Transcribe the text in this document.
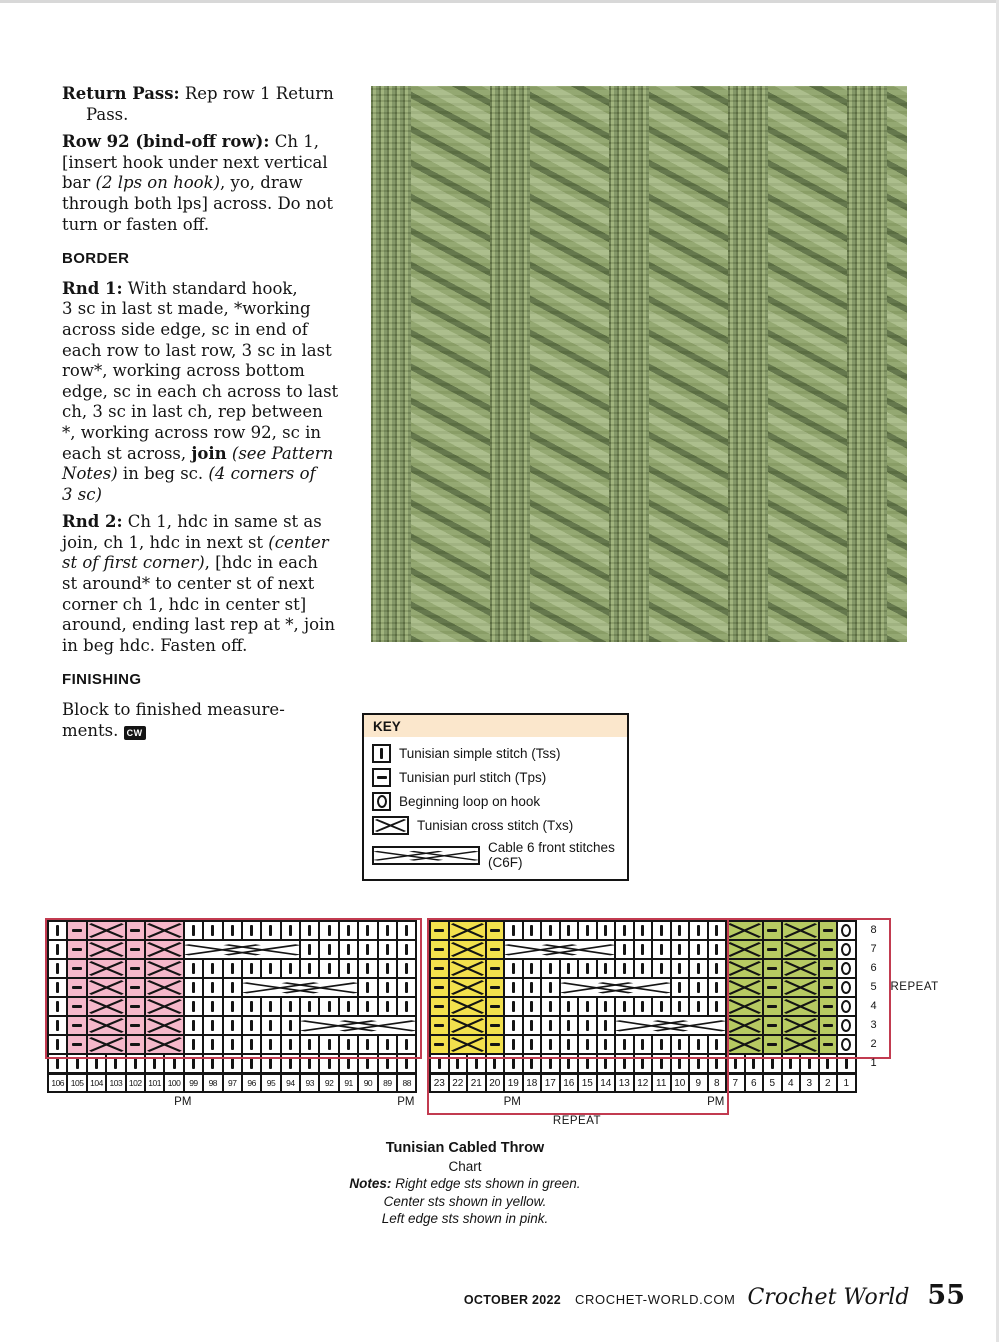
Return Pass: Rep row 1 Return
Pass.
Row 92 (bind-off row): Ch 1,
[insert hook under next vertical
bar (2 lps on hook), yo, draw
through both lps] across. Do not
turn or fasten off.
BORDER
Rnd 1: With standard hook,
3 sc in last st made, *working
across side edge, sc in end of
each row to last row, 3 sc in last
row*, working across bottom
edge, sc in each ch across to last
ch, 3 sc in last ch, rep between
*, working across row 92, sc in
each st across, join (see Pattern
Notes) in beg sc. (4 corners of
3 sc)
Rnd 2: Ch 1, hdc in same st as
join, ch 1, hdc in next st (center
st of first corner), [hdc in each
st around* to center st of next
corner ch 1, hdc in center st]
around, ending last rep at *, join
in beg hdc. Fasten off.
FINISHING
Block to finished measure-
ments. CW	KEY
Tunisian simple stitch (Tss)
Tunisian purl stitch (Tps)
Beginning loop on hook
Tunisian cross stitch (Txs)
Cable 6 front stitches
(C6F)
106 105 104 103 102 101 100	99	98	97	96	95	94	93	92	91	90	89	88
PM	PM
23 22 21 20 19 18 17 16 15 14 13 12 11 10	9	8	7	6	5	4	3	2	1
PM	PM
8
7
6
5
4
3
2
1
REPEAT
REPEAT
Tunisian Cabled Throw
Chart
Notes: Right edge sts shown in green.
Center sts shown in yellow.
Left edge sts shown in pink.
OCTOBER 2022 CROCHET-WORLD.COM Crochet World 55
